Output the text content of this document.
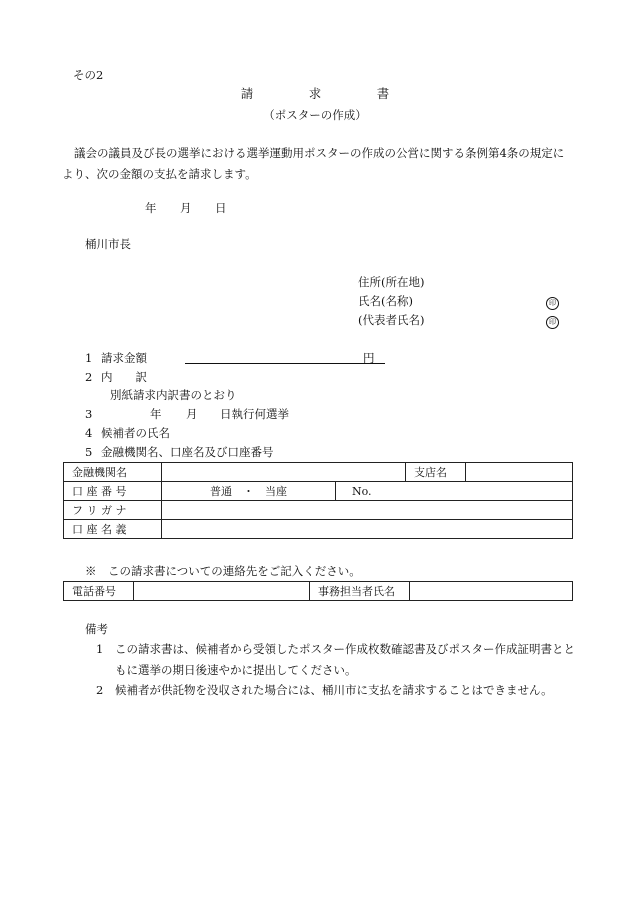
その2
請	求	書
（ポスターの作成）
議会の議員及び長の選挙における選挙運動用ポスターの作成の公営に関する条例第4条の規定により、次の金額の支払を請求します。
年 月 日
桶川市長
住所(所在地)
氏名(名称)	印
(代表者氏名)	印
1 請求金額	円
2 内　　訳
別紙請求内訳書のとおり
3	年 月 日執行何選挙
4 候補者の氏名
5 金融機関名、口座名及び口座番号
金融機関名			支店名	
口 座 番 号	普通　・　当座	No.		
フ リ ガ ナ				
口 座 名 義				
※　この請求書についての連絡先をご記入ください。
電話番号		事務担当者氏名	
備考
1 この請求書は、候補者から受領したポスター作成枚数確認書及びポスター作成証明書とともに選挙の期日後速やかに提出してください。
2 候補者が供託物を没収された場合には、桶川市に支払を請求することはできません。
